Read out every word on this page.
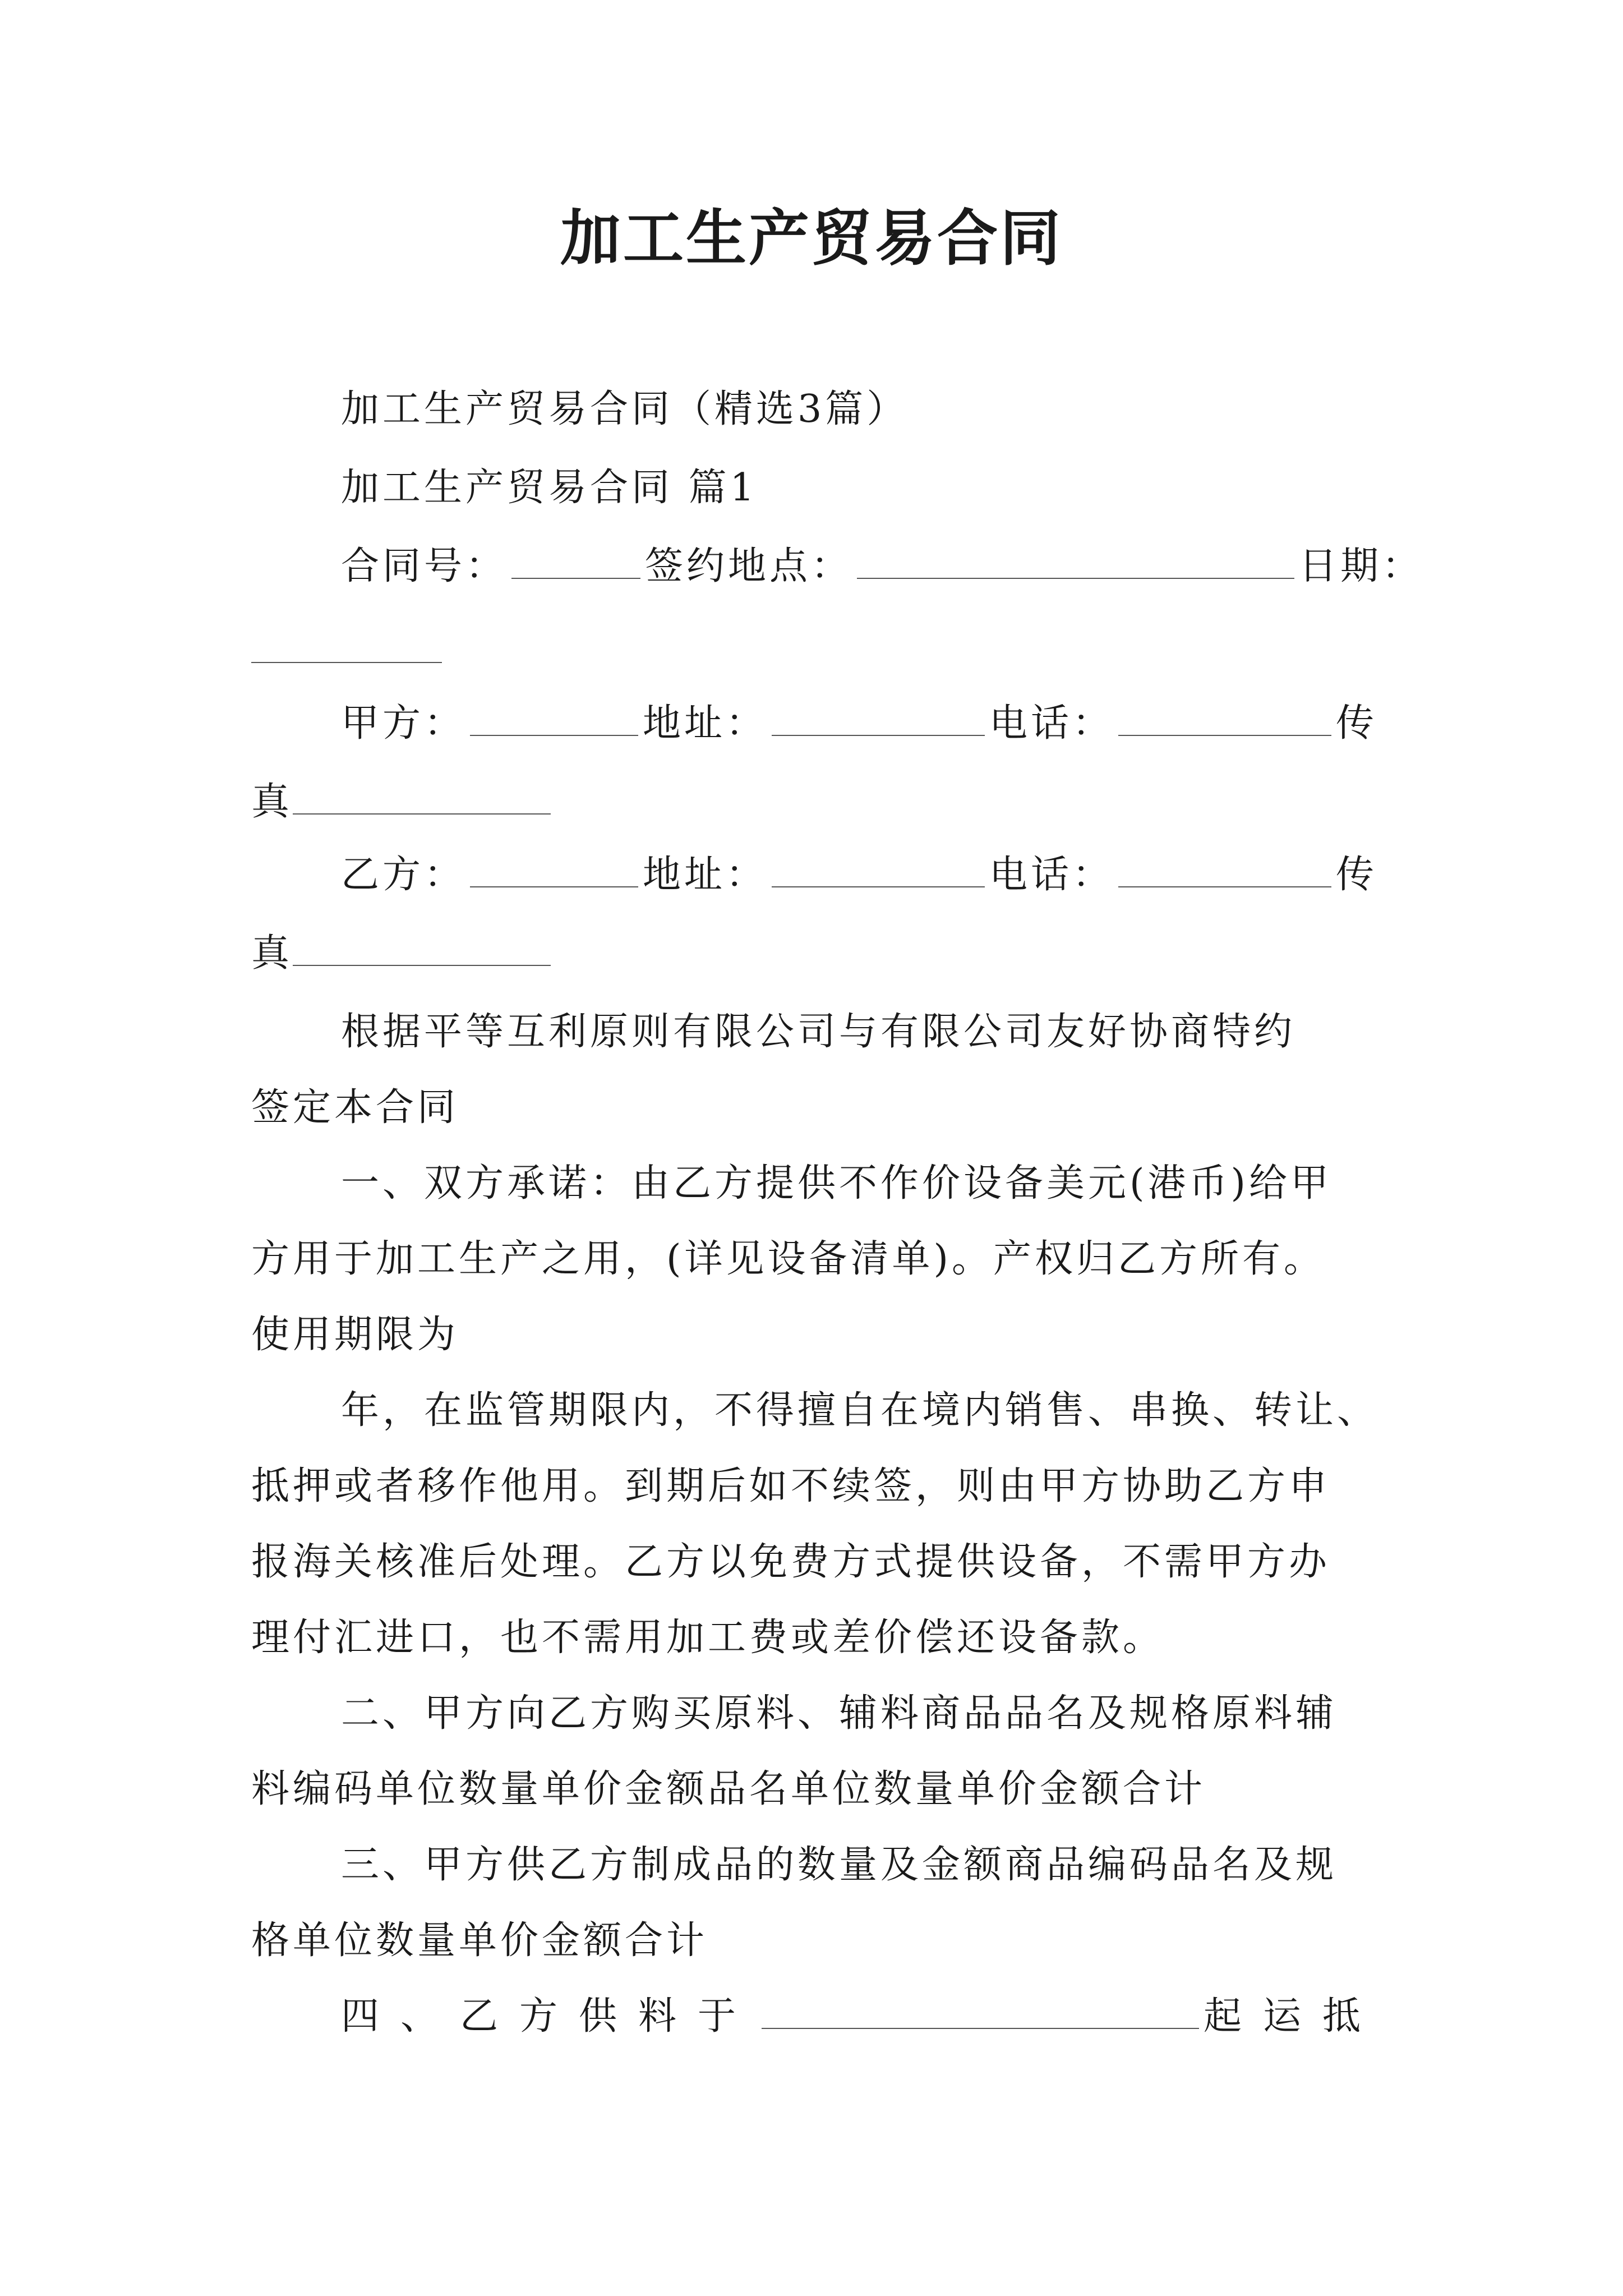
加工生产贸易合同
加工生产贸易合同（精选3篇）
加工生产贸易合同 篇1
合同号：	签约地点：	日期：
甲方：	地址：	电话：	传
真
乙方：	地址：	电话：	传
真
根据平等互利原则有限公司与有限公司友好协商特约
签定本合同
一、双方承诺：由乙方提供不作价设备美元(港币)给甲
方用于加工生产之用，(详见设备清单)。产权归乙方所有。
使用期限为
年，在监管期限内，不得擅自在境内销售、串换、转让、
抵押或者移作他用。到期后如不续签，则由甲方协助乙方申
报海关核准后处理。乙方以免费方式提供设备，不需甲方办
理付汇进口，也不需用加工费或差价偿还设备款。
二、甲方向乙方购买原料、辅料商品品名及规格原料辅
料编码单位数量单价金额品名单位数量单价金额合计
三、甲方供乙方制成品的数量及金额商品编码品名及规
格单位数量单价金额合计
四、乙方供料于	起运抵
